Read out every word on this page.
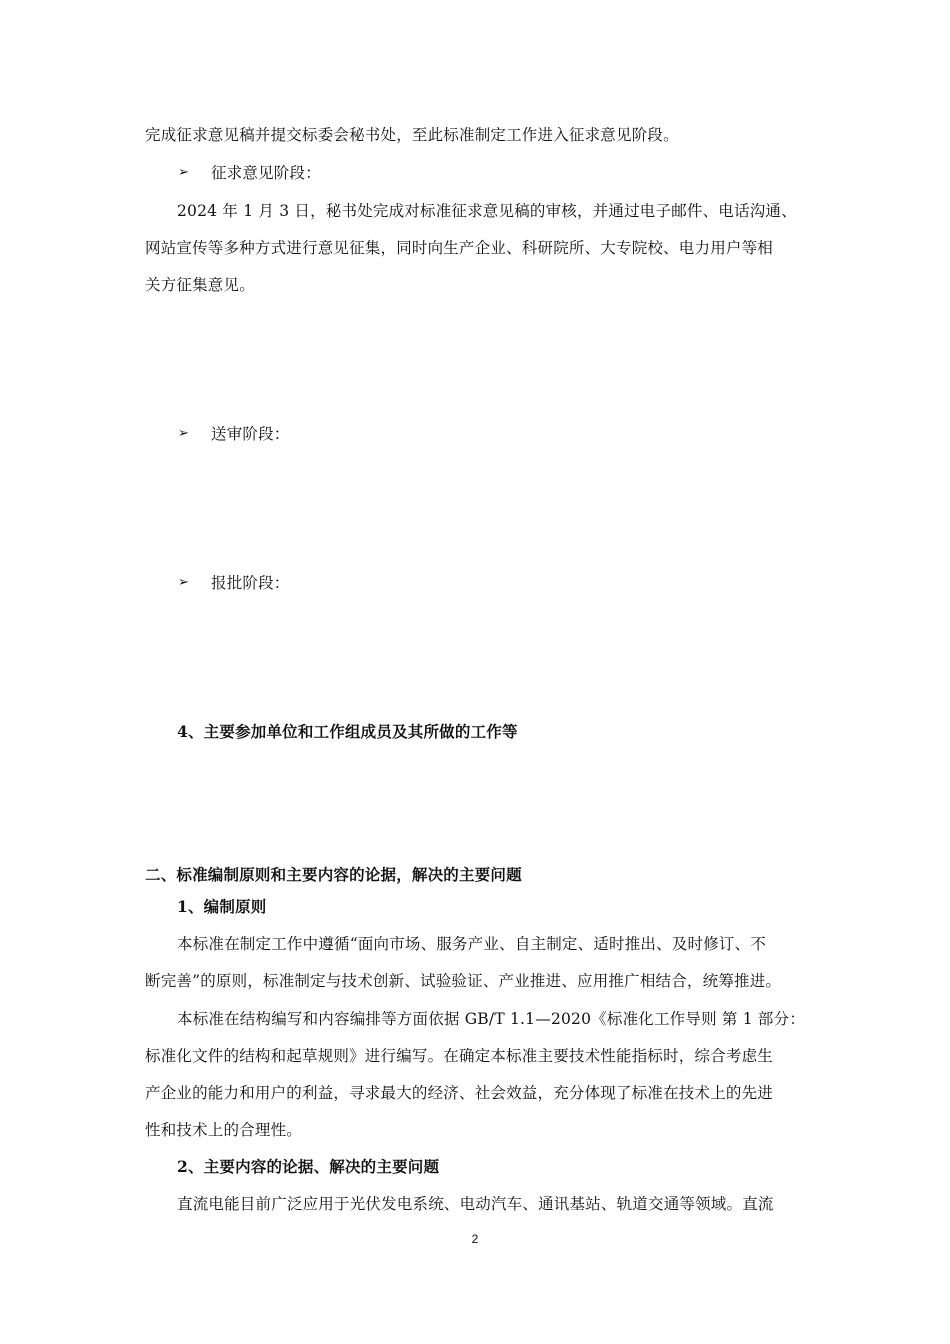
完成征求意见稿并提交标委会秘书处，至此标准制定工作进入征求意见阶段。
➢ 征求意见阶段：
2024 年 1 月 3 日，秘书处完成对标准征求意见稿的审核，并通过电子邮件、电话沟通、
网站宣传等多种方式进行意见征集，同时向生产企业、科研院所、大专院校、电力用户等相
关方征集意见。
➢ 送审阶段：
➢ 报批阶段：
4、主要参加单位和工作组成员及其所做的工作等
二、标准编制原则和主要内容的论据，解决的主要问题
1、编制原则
本标准在制定工作中遵循“面向市场、服务产业、自主制定、适时推出、及时修订、不
断完善”的原则，标准制定与技术创新、试验验证、产业推进、应用推广相结合，统筹推进。
本标准在结构编写和内容编排等方面依据 GB/T 1.1—2020《标准化工作导则 第 1 部分：
标准化文件的结构和起草规则》进行编写。在确定本标准主要技术性能指标时，综合考虑生
产企业的能力和用户的利益，寻求最大的经济、社会效益，充分体现了标准在技术上的先进
性和技术上的合理性。
2、主要内容的论据、解决的主要问题
直流电能目前广泛应用于光伏发电系统、电动汽车、通讯基站、轨道交通等领域。直流
2
